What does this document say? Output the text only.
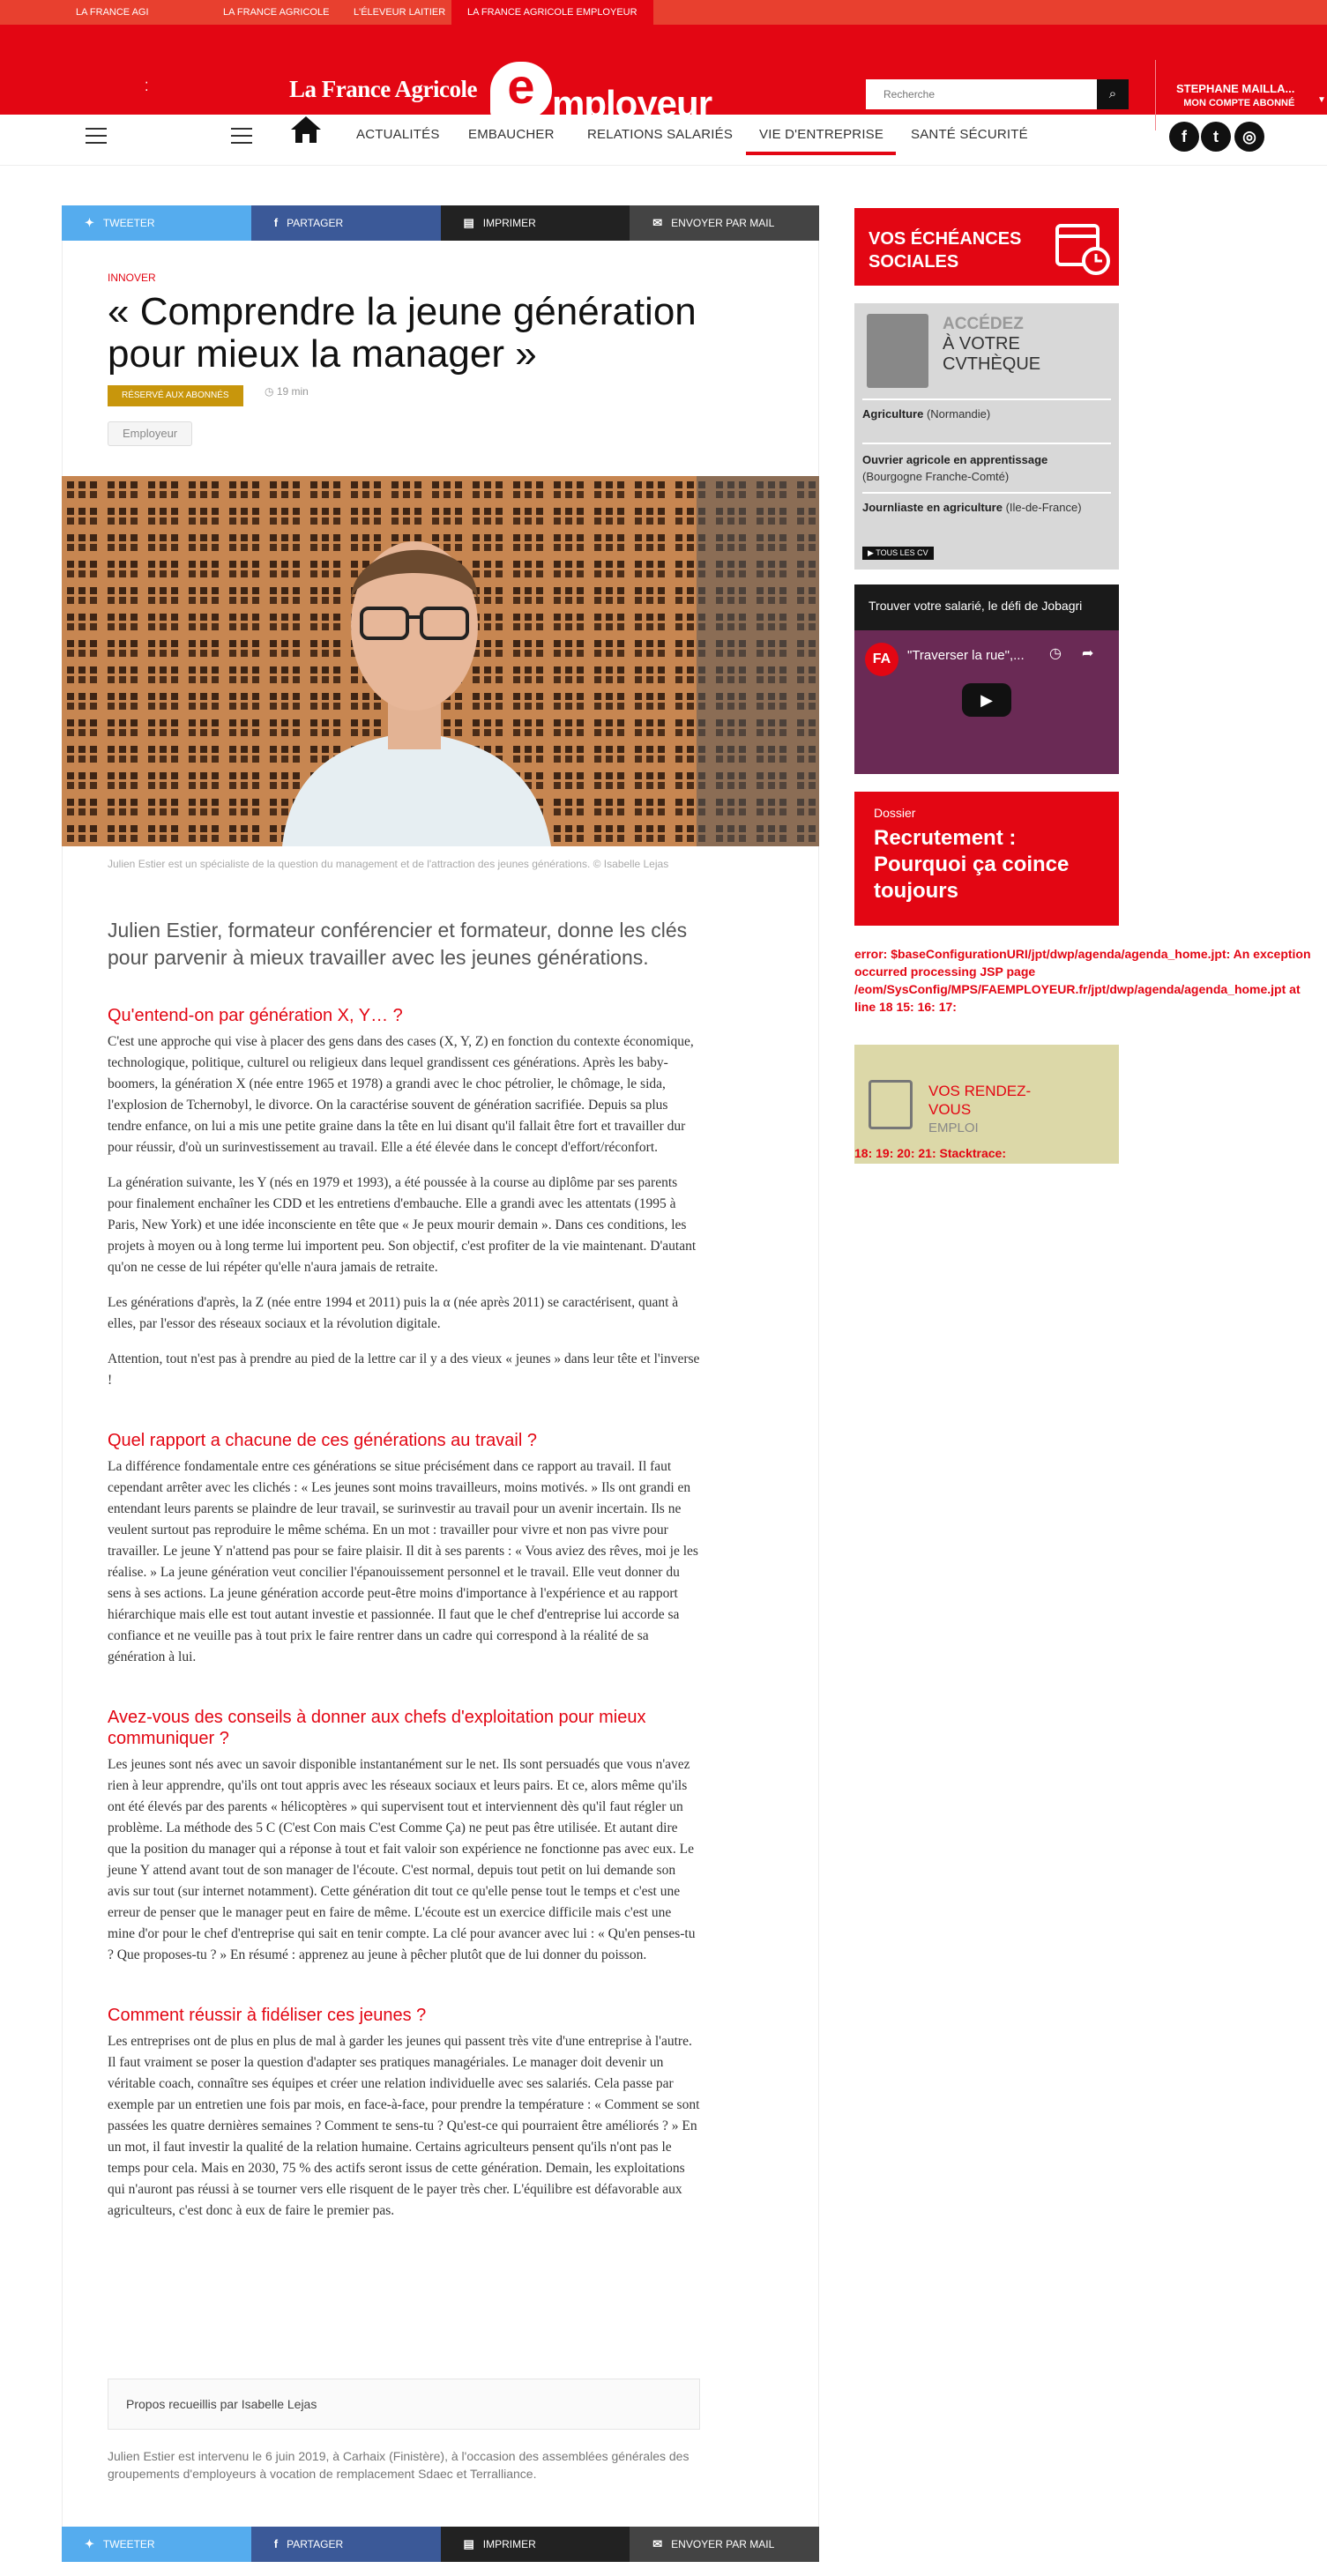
LA FRANCE AGI	LA FRANCE AGRICOLE	L'ÉLEVEUR LAITIER	LA FRANCE AGRICOLE EMPLOYEUR
⁚	La France Agricole e mployeur
Recherche	⌕	STEPHANE MAILLA...
MON COMPTE ABONNÉ	▼
ACTUALITÉS EMBAUCHER RELATIONS SALARIÉS VIE D'ENTREPRISE SANTÉ SÉCURITÉ	f	t	◎
✦ TWEETER	f PARTAGER	▤ IMPRIMER	✉ ENVOYER PAR MAIL
INNOVER
« Comprendre la jeune génération pour mieux la manager »
RÉSERVÉ AUX ABONNÉS	◷ 19 min
Employeur
Julien Estier est un spécialiste de la question du management et de l'attraction des jeunes générations. © Isabelle Lejas
Julien Estier, formateur conférencier et formateur, donne les clés pour parvenir à mieux travailler avec les jeunes générations.
Qu'entend-on par génération X, Y… ?

C'est une approche qui vise à placer des gens dans des cases (X, Y, Z) en fonction du contexte économique, technologique, politique, culturel ou religieux dans lequel grandissent ces générations. Après les baby-boomers, la génération X (née entre 1965 et 1978) a grandi avec le choc pétrolier, le chômage, le sida, l'explosion de Tchernobyl, le divorce. On la caractérise souvent de génération sacrifiée. Depuis sa plus tendre enfance, on lui a mis une petite graine dans la tête en lui disant qu'il fallait être fort et travailler dur pour réussir, d'où un surinvestissement au travail. Elle a été élevée dans le concept d'effort/réconfort.

La génération suivante, les Y (nés en 1979 et 1993), a été poussée à la course au diplôme par ses parents pour finalement enchaîner les CDD et les entretiens d'embauche. Elle a grandi avec les attentats (1995 à Paris, New York) et une idée inconsciente en tête que « Je peux mourir demain ». Dans ces conditions, les projets à moyen ou à long terme lui importent peu. Son objectif, c'est profiter de la vie maintenant. D'autant qu'on ne cesse de lui répéter qu'elle n'aura jamais de retraite.

Les générations d'après, la Z (née entre 1994 et 2011) puis la α (née après 2011) se caractérisent, quant à elles, par l'essor des réseaux sociaux et la révolution digitale.

Attention, tout n'est pas à prendre au pied de la lettre car il y a des vieux « jeunes » dans leur tête et l'inverse !

Quel rapport a chacune de ces générations au travail ?

La différence fondamentale entre ces générations se situe précisément dans ce rapport au travail. Il faut cependant arrêter avec les clichés : « Les jeunes sont moins travailleurs, moins motivés. » Ils ont grandi en entendant leurs parents se plaindre de leur travail, se surinvestir au travail pour un avenir incertain. Ils ne veulent surtout pas reproduire le même schéma. En un mot : travailler pour vivre et non pas vivre pour travailler. Le jeune Y n'attend pas pour se faire plaisir. Il dit à ses parents : « Vous aviez des rêves, moi je les réalise. » La jeune génération veut concilier l'épanouissement personnel et le travail. Elle veut donner du sens à ses actions. La jeune génération accorde peut-être moins d'importance à l'expérience et au rapport hiérarchique mais elle est tout autant investie et passionnée. Il faut que le chef d'entreprise lui accorde sa confiance et ne veuille pas à tout prix le faire rentrer dans un cadre qui correspond à la réalité de sa génération à lui.

Avez-vous des conseils à donner aux chefs d'exploitation pour mieux communiquer ?

Les jeunes sont nés avec un savoir disponible instantanément sur le net. Ils sont persuadés que vous n'avez rien à leur apprendre, qu'ils ont tout appris avec les réseaux sociaux et leurs pairs. Et ce, alors même qu'ils ont été élevés par des parents « hélicoptères » qui supervisent tout et interviennent dès qu'il faut régler un problème. La méthode des 5 C (C'est Con mais C'est Comme Ça) ne peut pas être utilisée. Et autant dire que la position du manager qui a réponse à tout et fait valoir son expérience ne fonctionne pas avec eux. Le jeune Y attend avant tout de son manager de l'écoute. C'est normal, depuis tout petit on lui demande son avis sur tout (sur internet notamment). Cette génération dit tout ce qu'elle pense tout le temps et c'est une erreur de penser que le manager peut en faire de même. L'écoute est un exercice difficile mais c'est une mine d'or pour le chef d'entreprise qui sait en tenir compte. La clé pour avancer avec lui : « Qu'en penses-tu ? Que proposes-tu ? » En résumé : apprenez au jeune à pêcher plutôt que de lui donner du poisson.

Comment réussir à fidéliser ces jeunes ?

Les entreprises ont de plus en plus de mal à garder les jeunes qui passent très vite d'une entreprise à l'autre. Il faut vraiment se poser la question d'adapter ses pratiques managériales. Le manager doit devenir un véritable coach, connaître ses équipes et créer une relation individuelle avec ses salariés. Cela passe par exemple par un entretien une fois par mois, en face-à-face, pour prendre la température : « Comment se sont passées les quatre dernières semaines ? Comment te sens-tu ? Qu'est-ce qui pourraient être améliorés ? » En un mot, il faut investir la qualité de la relation humaine. Certains agriculteurs pensent qu'ils n'ont pas le temps pour cela. Mais en 2030, 75 % des actifs seront issus de cette génération. Demain, les exploitations qui n'auront pas réussi à se tourner vers elle risquent de le payer très cher. L'équilibre est défavorable aux agriculteurs, c'est donc à eux de faire le premier pas.

Propos recueillis par Isabelle Lejas
Julien Estier est intervenu le 6 juin 2019, à Carhaix (Finistère), à l'occasion des assemblées générales des groupements d'employeurs à vocation de remplacement Sdaec et Terralliance.
✦ TWEETER	f PARTAGER	▤ IMPRIMER	✉ ENVOYER PAR MAIL
VOS ÉCHÉANCES SOCIALES
ACCÉDEZ
À VOTRE CVTHÈQUE
Agriculture (Normandie)
Ouvrier agricole en apprentissage
(Bourgogne Franche-Comté)
Journliaste en agriculture (Ile-de-France)
▶ TOUS LES CV
Trouver votre salarié, le défi de Jobagri
FA	"Traverser la rue",... ◷ ➦
▶
Dossier
Recrutement : Pourquoi ça coince toujours
error: $baseConfigurationURI/jpt/dwp/agenda/agenda_home.jpt: An exception occurred processing JSP page /eom/SysConfig/MPS/FAEMPLOYEUR.fr/jpt/dwp/agenda/agenda_home.jpt at line 18 15: 16: 17:
VOS RENDEZ-VOUS
EMPLOI
18: 19: 20: 21: Stacktrace:
